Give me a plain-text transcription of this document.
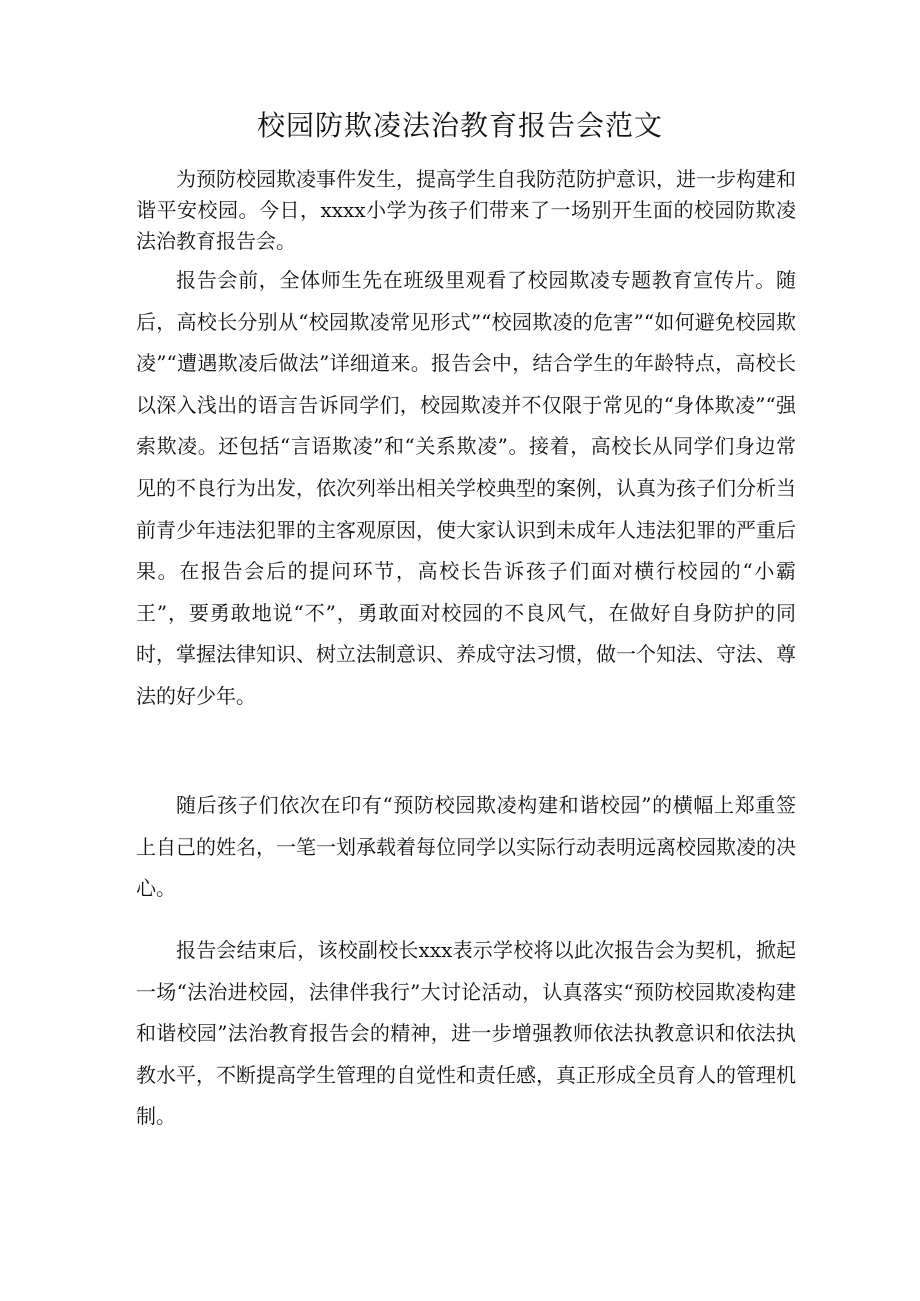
校园防欺凌法治教育报告会范文

为预防校园欺凌事件发生，提高学生自我防范防护意识，进一步构建和谐平安校园。今日，xxxx小学为孩子们带来了一场别开生面的校园防欺凌法治教育报告会。

报告会前，全体师生先在班级里观看了校园欺凌专题教育宣传片。随后，高校长分别从“校园欺凌常见形式”“校园欺凌的危害”“如何避免校园欺凌”“遭遇欺凌后做法”详细道来。报告会中，结合学生的年龄特点，高校长以深入浅出的语言告诉同学们，校园欺凌并不仅限于常见的“身体欺凌”“强索欺凌。还包括“言语欺凌”和“关系欺凌”。接着，高校长从同学们身边常见的不良行为出发，依次列举出相关学校典型的案例，认真为孩子们分析当前青少年违法犯罪的主客观原因，使大家认识到未成年人违法犯罪的严重后果。在报告会后的提问环节，高校长告诉孩子们面对横行校园的“小霸王”，要勇敢地说“不”，勇敢面对校园的不良风气，在做好自身防护的同时，掌握法律知识、树立法制意识、养成守法习惯，做一个知法、守法、尊法的好少年。

随后孩子们依次在印有“预防校园欺凌构建和谐校园”的横幅上郑重签上自己的姓名，一笔一划承载着每位同学以实际行动表明远离校园欺凌的决心。

报告会结束后，该校副校长xxx表示学校将以此次报告会为契机，掀起一场“法治进校园，法律伴我行”大讨论活动，认真落实“预防校园欺凌构建和谐校园”法治教育报告会的精神，进一步增强教师依法执教意识和依法执教水平，不断提高学生管理的自觉性和责任感，真正形成全员育人的管理机制。
